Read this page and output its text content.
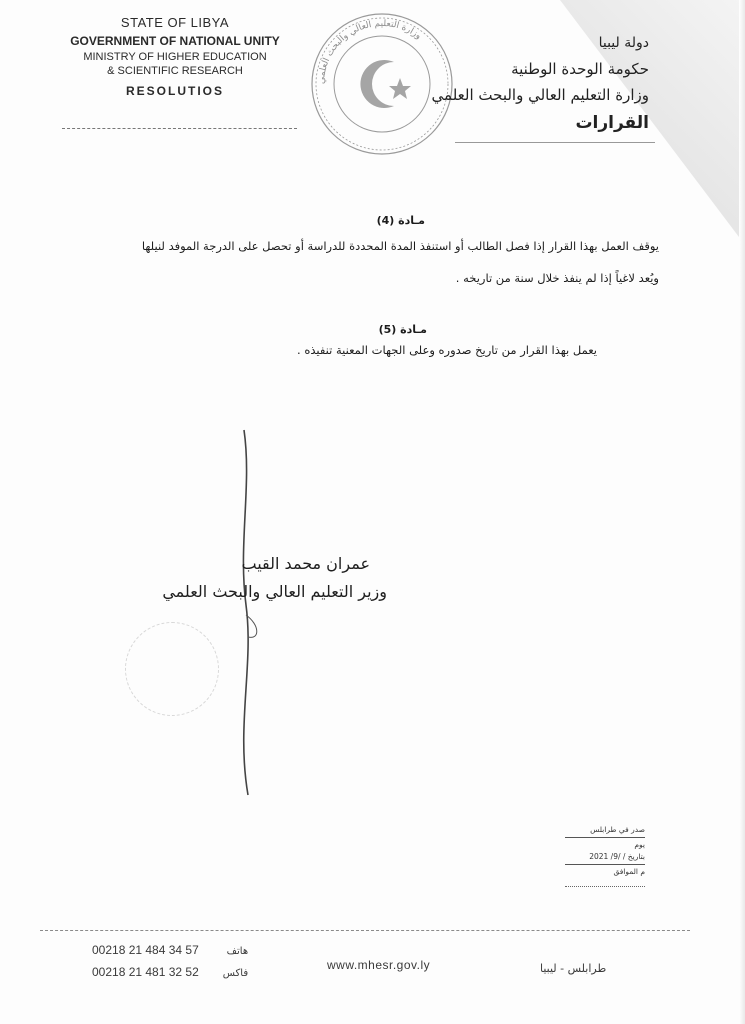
STATE OF LIBYA
GOVERNMENT OF NATIONAL UNITY
MINISTRY OF HIGHER EDUCATION
& SCIENTIFIC RESEARCH
RESOLUTIOS
وزارة التعليم العالي والبحث العلمي	دولة ليبيا
حكومة الوحدة الوطنية
وزارة التعليم العالي والبحث العلمي
القرارات
مـادة (4)
يوقف العمل بهذا القرار إذا فصل الطالب أو استنفذ المدة المحددة للدراسة أو تحصل على الدرجة الموفد لنيلها
ويُعد لاغياً إذا لم ينفذ خلال سنة من تاريخه .
مـادة (5)
يعمل بهذا القرار من تاريخ صدوره وعلى الجهات المعنية تنفيذه .
عمران محمد القيب
وزير التعليم العالي والبحث العلمي
صدر في طرابلس
يوم
بتاريخ / /9/ 2021
م الموافق
00218 21 484 34 57	هاتف
00218 21 481 32 52 فاكس
www.mhesr.gov.ly	طرابلس - ليبيا
